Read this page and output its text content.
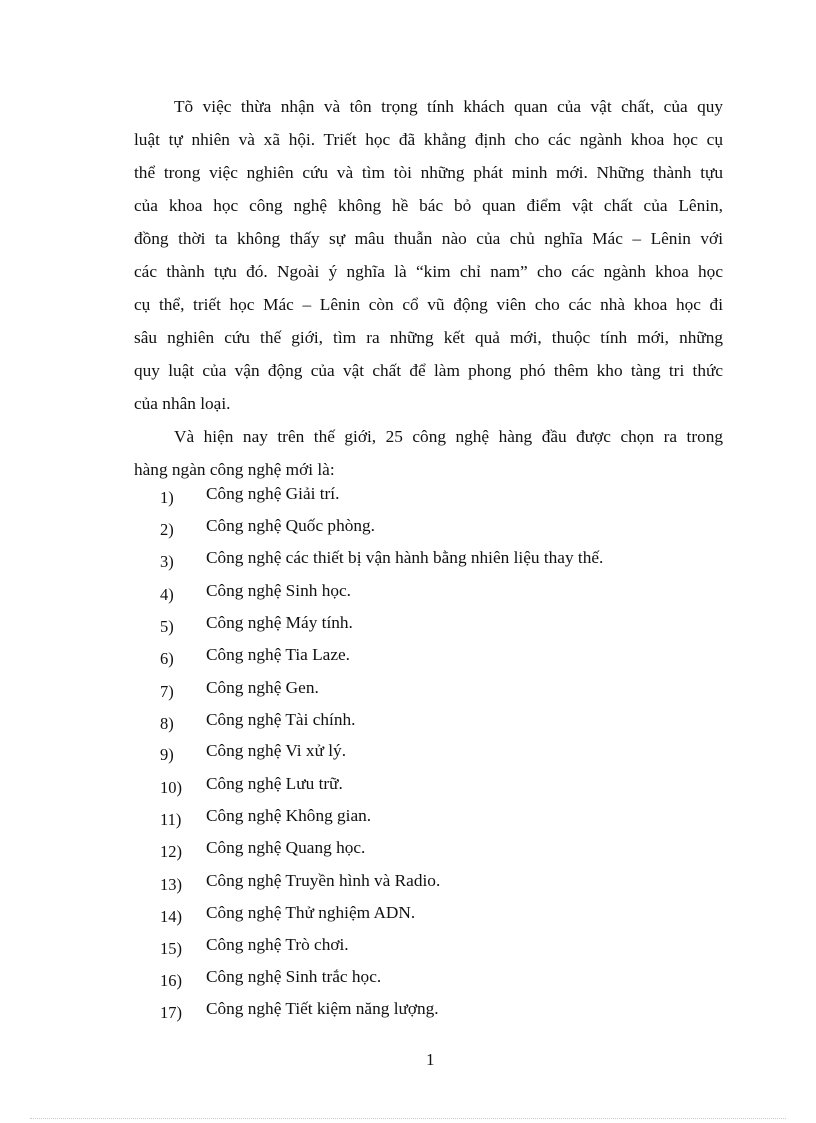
Tõ việc thừa nhận và tôn trọng tính khách quan của vật chất, của quy
luật tự nhiên và xã hội. Triết học đã khẳng định cho các ngành khoa học cụ
thể trong việc nghiên cứu và tìm tòi những phát minh mới. Những thành tựu
của khoa học công nghệ không hề bác bỏ quan điểm vật chất của Lênin,
đồng thời ta không thấy sự mâu thuẫn nào của chủ nghĩa Mác – Lênin với
các thành tựu đó. Ngoài ý nghĩa là “kim chỉ nam” cho các ngành khoa học
cụ thể, triết học Mác – Lênin còn cổ vũ động viên cho các nhà khoa học đi
sâu nghiên cứu thế giới, tìm ra những kết quả mới, thuộc tính mới, những
quy luật của vận động của vật chất để làm phong phó thêm kho tàng tri thức
của nhân loại.
Và hiện nay trên thế giới, 25 công nghệ hàng đầu được chọn ra trong
hàng ngàn công nghệ mới là:
1)	Công nghệ Giải trí.
2)	Công nghệ Quốc phòng.
3)	Công nghệ các thiết bị vận hành bằng nhiên liệu thay thế.
4)	Công nghệ Sinh học.
5)	Công nghệ Máy tính.
6)	Công nghệ Tia Laze.
7)	Công nghệ Gen.
8)	Công nghệ Tài chính.
9)	Công nghệ Vi xử lý.
10)	Công nghệ Lưu trữ.
11)	Công nghệ Không gian.
12)	Công nghệ Quang học.
13)	Công nghệ Truyền hình và Radio.
14)	Công nghệ Thử nghiệm ADN.
15)	Công nghệ Trò chơi.
16)	Công nghệ Sinh trắc học.
17)	Công nghệ Tiết kiệm năng lượng.
1
